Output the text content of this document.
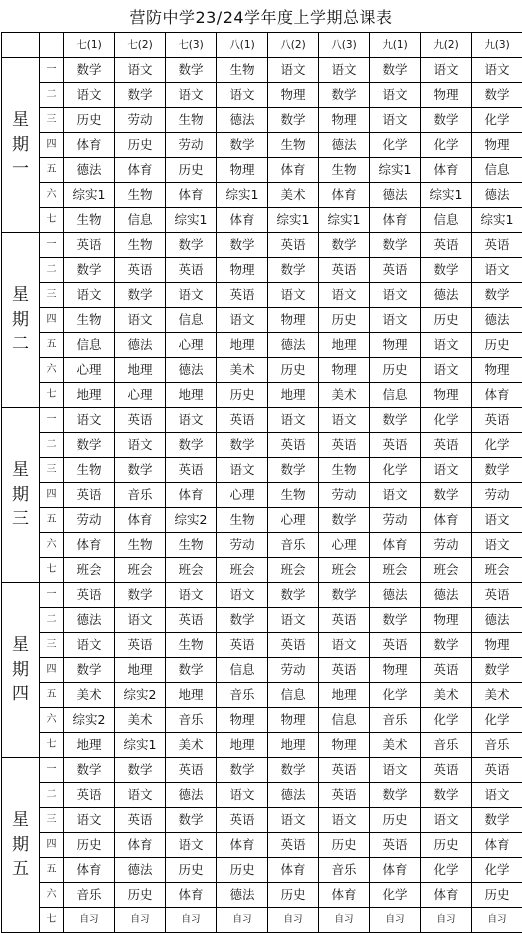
营防中学23/24学年度上学期总课表
		七(1)	七(2)	七(3)	八(1)	八(2)	八(3)	九(1)	九(2)	九(3)

星
期
一	一	数学	语文	数学	生物	语文	语文	数学	语文	语文
	二	语文	数学	语文	语文	物理	数学	语文	物理	数学
	三	历史	劳动	生物	德法	数学	物理	语文	数学	化学
	四	体育	历史	劳动	数学	生物	德法	化学	化学	物理
	五	德法	体育	历史	物理	体育	生物	综实1	体育	信息
	六	综实1	生物	体育	综实1	美术	体育	德法	综实1	德法
	七	生物	信息	综实1	体育	综实1	综实1	体育	信息	综实1

星
期
二	一	英语	生物	数学	数学	英语	数学	数学	英语	英语
	二	数学	英语	英语	物理	数学	英语	英语	数学	语文
	三	语文	数学	语文	英语	语文	语文	语文	德法	数学
	四	生物	语文	信息	语文	物理	历史	语文	历史	德法
	五	信息	德法	心理	地理	德法	地理	物理	语文	历史
	六	心理	地理	德法	美术	历史	物理	历史	语文	物理
	七	地理	心理	地理	历史	地理	美术	信息	物理	体育

星
期
三	一	语文	英语	语文	英语	语文	语文	数学	化学	英语
	二	数学	语文	数学	数学	英语	英语	英语	英语	化学
	三	生物	数学	英语	语文	数学	生物	化学	语文	数学
	四	英语	音乐	体育	心理	生物	劳动	语文	数学	劳动
	五	劳动	体育	综实2	生物	心理	数学	劳动	体育	语文
	六	体育	生物	生物	劳动	音乐	心理	体育	劳动	语文
	七	班会	班会	班会	班会	班会	班会	班会	班会	班会

星
期
四	一	英语	数学	语文	语文	数学	数学	德法	德法	英语
	二	德法	语文	英语	数学	语文	英语	数学	物理	德法
	三	语文	英语	生物	英语	英语	语文	英语	数学	物理
	四	数学	地理	数学	信息	劳动	英语	物理	英语	数学
	五	美术	综实2	地理	音乐	信息	地理	化学	美术	美术
	六	综实2	美术	音乐	物理	物理	信息	音乐	化学	化学
	七	地理	综实1	美术	地理	地理	物理	美术	音乐	音乐

星
期
五	一	数学	数学	英语	数学	数学	英语	语文	英语	英语
	二	英语	语文	德法	语文	德法	英语	数学	数学	语文
	三	语文	英语	数学	英语	语文	语文	历史	语文	数学
	四	历史	体育	语文	体育	英语	历史	英语	历史	体育
	五	体育	德法	历史	历史	体育	音乐	体育	化学	化学
	六	音乐	历史	体育	德法	历史	体育	化学	体育	历史
	七	自习	自习	自习	自习	自习	自习	自习	自习	自习
